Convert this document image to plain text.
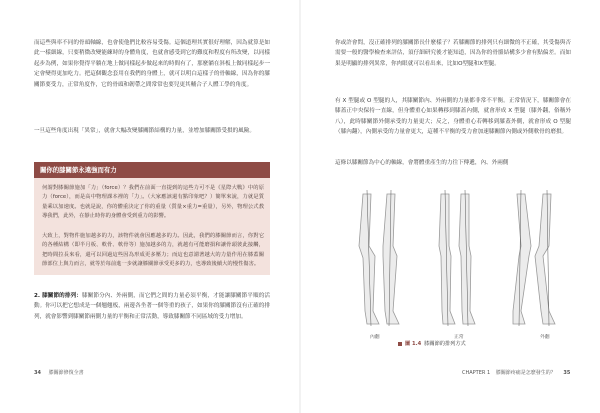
而這些與率不同的骨頭軸線，也會使他們比較容易受傷。這個道理其實很好理解，因為就算是如此一樣細線，只要稍微改變能練時的身體角度，也就會感受到它的難度和程度有所改變，以同樣起步為例，如果你覺得平躺在地上做同樣起步做起來的時間有了，那麼躺在斜板上做同樣起步一定會變得更加吃力。把這個觀念套用在我們的身體上，就可以明白這樣子的骨軸線，因為你的膝關節要受力，正常角度作，它的骨頭和韌帶之間常常也要兒更其輔合子人體工學的角度。

一旦這些角度出現「異常」，就會大幅改變膝關節結構的力量，並增加膝關節受損的風險。

關你的膝關節永遠強而有力

何謂對膝關節施加「力」（force）？我們在前面一直提到的這些力可不是《星際大戰》中的原力（force），而是高中物理課本裡的「力」。（大家應該還有點印象吧？）簡單來說，力就是質量乘以加速度。也就是說，你的體重決定了你的重量（質量×重力=重量），另外，物理公式教導我們，此外，在靜止時你的身體會受到重力的影響。

大致上，對物件施加越多的力，該物件就會因應越多的力。因此，我們的膝關節而言，你對它的各種結構（即半月板、軟骨、軟骨等）施加越多的力，就越有可能磨損和讓骨頭彼此接觸，把時間拉長來看，還可以回過這些因為形成更多壓力；而這也意謂著越大的力量作用在膝蓋關節部位上與力而言，就等於每前進一步就讓膝關節承受更多的力，也導致後續大的慢性傷害。

2. 膝關節的排列：膝關節分內、外兩側，而它們之間的力量必須平衡，才能讓膝關節平順的活動。你可以把它想成是一個翹翹板，兩邊各坐著一個等重的孩子，如果你的膝關節沒有正確的排列，就會影響到膝關節兩側力量的平衡和正常活動，導致膝關節不同區域的受力增加。

34 膝關節修復全書

你或許會問，沒正確排列的膝關節長什麼樣子？若膝關節的排列只有細微的不正確，其受傷與否需要一般的醫學檢查來評估，須仔細研究後才能知道，因為你的骨骼結構多少會有點偏差。而如果是明顯的排列異常，你肉眼就可以看出來，比如O型腿和X型腿。

有 X 型腿或 O 型腿的人，其膝關節內、外兩側的力量都非常不平衡。正常情況下，膝關節會在膝蓋正中央保持一直線，但身體重心如果轉移到膝蓋內側，就會形成 X 型腿（膝外翻，俗稱外八），此時膝關節外側承受的力量更大；反之，身體重心若轉移到膝蓋外側，就會形成 O 型腿（膝內翻），內側承受的力量會更大，這種不平衡的受力會加速膝關節內側或外側軟骨的磨損。

這條以膝關節為中心的軸線，會將體重產生的力往下傳遞，內、外兩側

內翻	正常	外翻
圖 1.4 膝關節的排列方式
CHAPTER 1 膝關節疼痛是怎麼發生的？ 35
